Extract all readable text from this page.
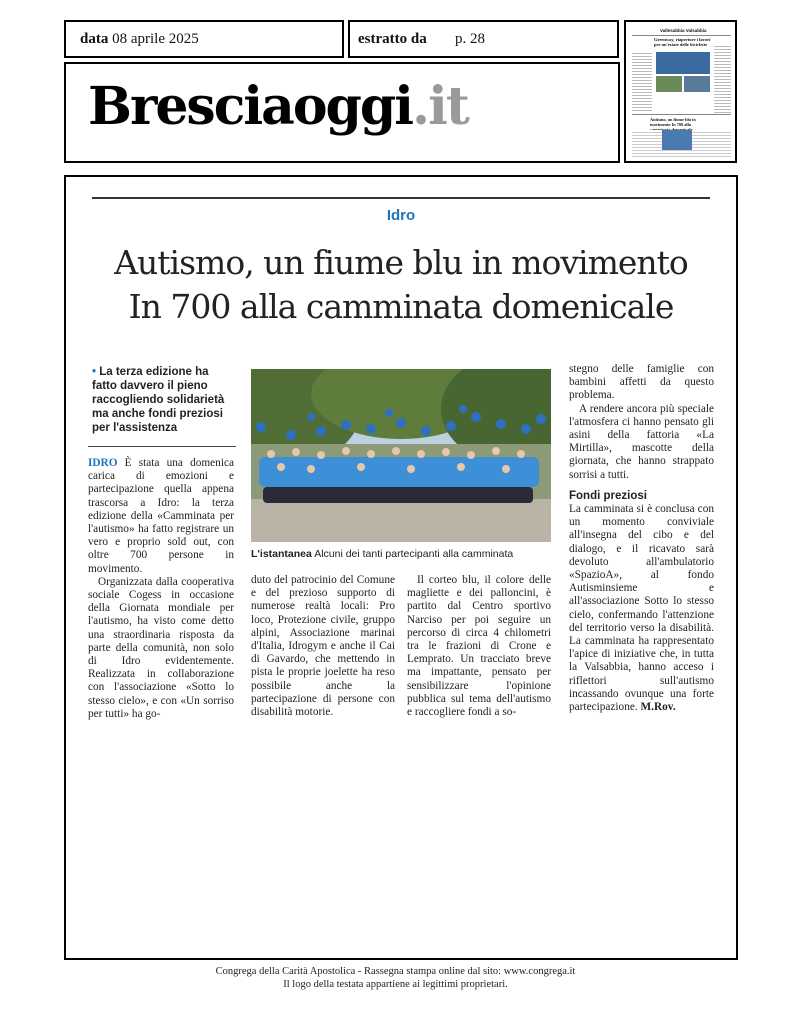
data 08 aprile 2025	estratto da p. 28
Vallesabbia Valsabbia
Greenway, riaperture i lavori per un'estate delle biciclette
Autismo, un fiume blu in movimento In 700 alla
Bresciaoggi.it
Idro
Autismo, un fiume blu in movimento
In 700 alla camminata domenicale
• La terza edizione ha fatto davvero il pieno raccogliendo solidarietà ma anche fondi preziosi per l'assistenza

IDRO È stata una domenica carica di emozioni e partecipazione quella appena trascorsa a Idro: la terza edizione della «Camminata per l'autismo» ha fatto registrare un vero e proprio sold out, con oltre 700 persone in movimento.

Organizzata dalla cooperativa sociale Cogess in occasione della Giornata mondiale per l'autismo, ha visto come detto una straordinaria risposta da parte della comunità, non solo di Idro evidentemente. Realizzata in collaborazione con l'associazione «Sotto lo stesso cielo», e con «Un sorriso per tutti» ha go-

L'istantanea Alcuni dei tanti partecipanti alla camminata

duto del patrocinio del Comune e del prezioso supporto di numerose realtà locali: Pro loco, Protezione civile, gruppo alpini, Associazione marinai d'Italia, Idrogym e anche il Cai di Gavardo, che mettendo in pista le proprie joelette ha reso possibile anche la partecipazione di persone con disabilità motorie.

Il corteo blu, il colore delle magliette e dei palloncini, è partito dal Centro sportivo Narciso per poi seguire un percorso di circa 4 chilometri tra le frazioni di Crone e Lemprato. Un tracciato breve ma impattante, pensato per sensibilizzare l'opinione pubblica sul tema dell'autismo e raccogliere fondi a so-

stegno delle famiglie con bambini affetti da questo problema.

A rendere ancora più speciale l'atmosfera ci hanno pensato gli asini della fattoria «La Mirtilla», mascotte della giornata, che hanno strappato sorrisi a tutti.

Fondi preziosi

La camminata si è conclusa con un momento conviviale all'insegna del cibo e del dialogo, e il ricavato sarà devoluto all'ambulatorio «SpazioA», al fondo Autisminsieme e all'associazione Sotto lo stesso cielo, confermando l'attenzione del territorio verso la disabilità. La camminata ha rappresentato l'apice di iniziative che, in tutta la Valsabbia, hanno acceso i riflettori sull'autismo incassando ovunque una forte partecipazione. M.Rov.

Congrega della Carità Apostolica - Rassegna stampa online dal sito: www.congrega.it
Il logo della testata appartiene ai legittimi proprietari.
